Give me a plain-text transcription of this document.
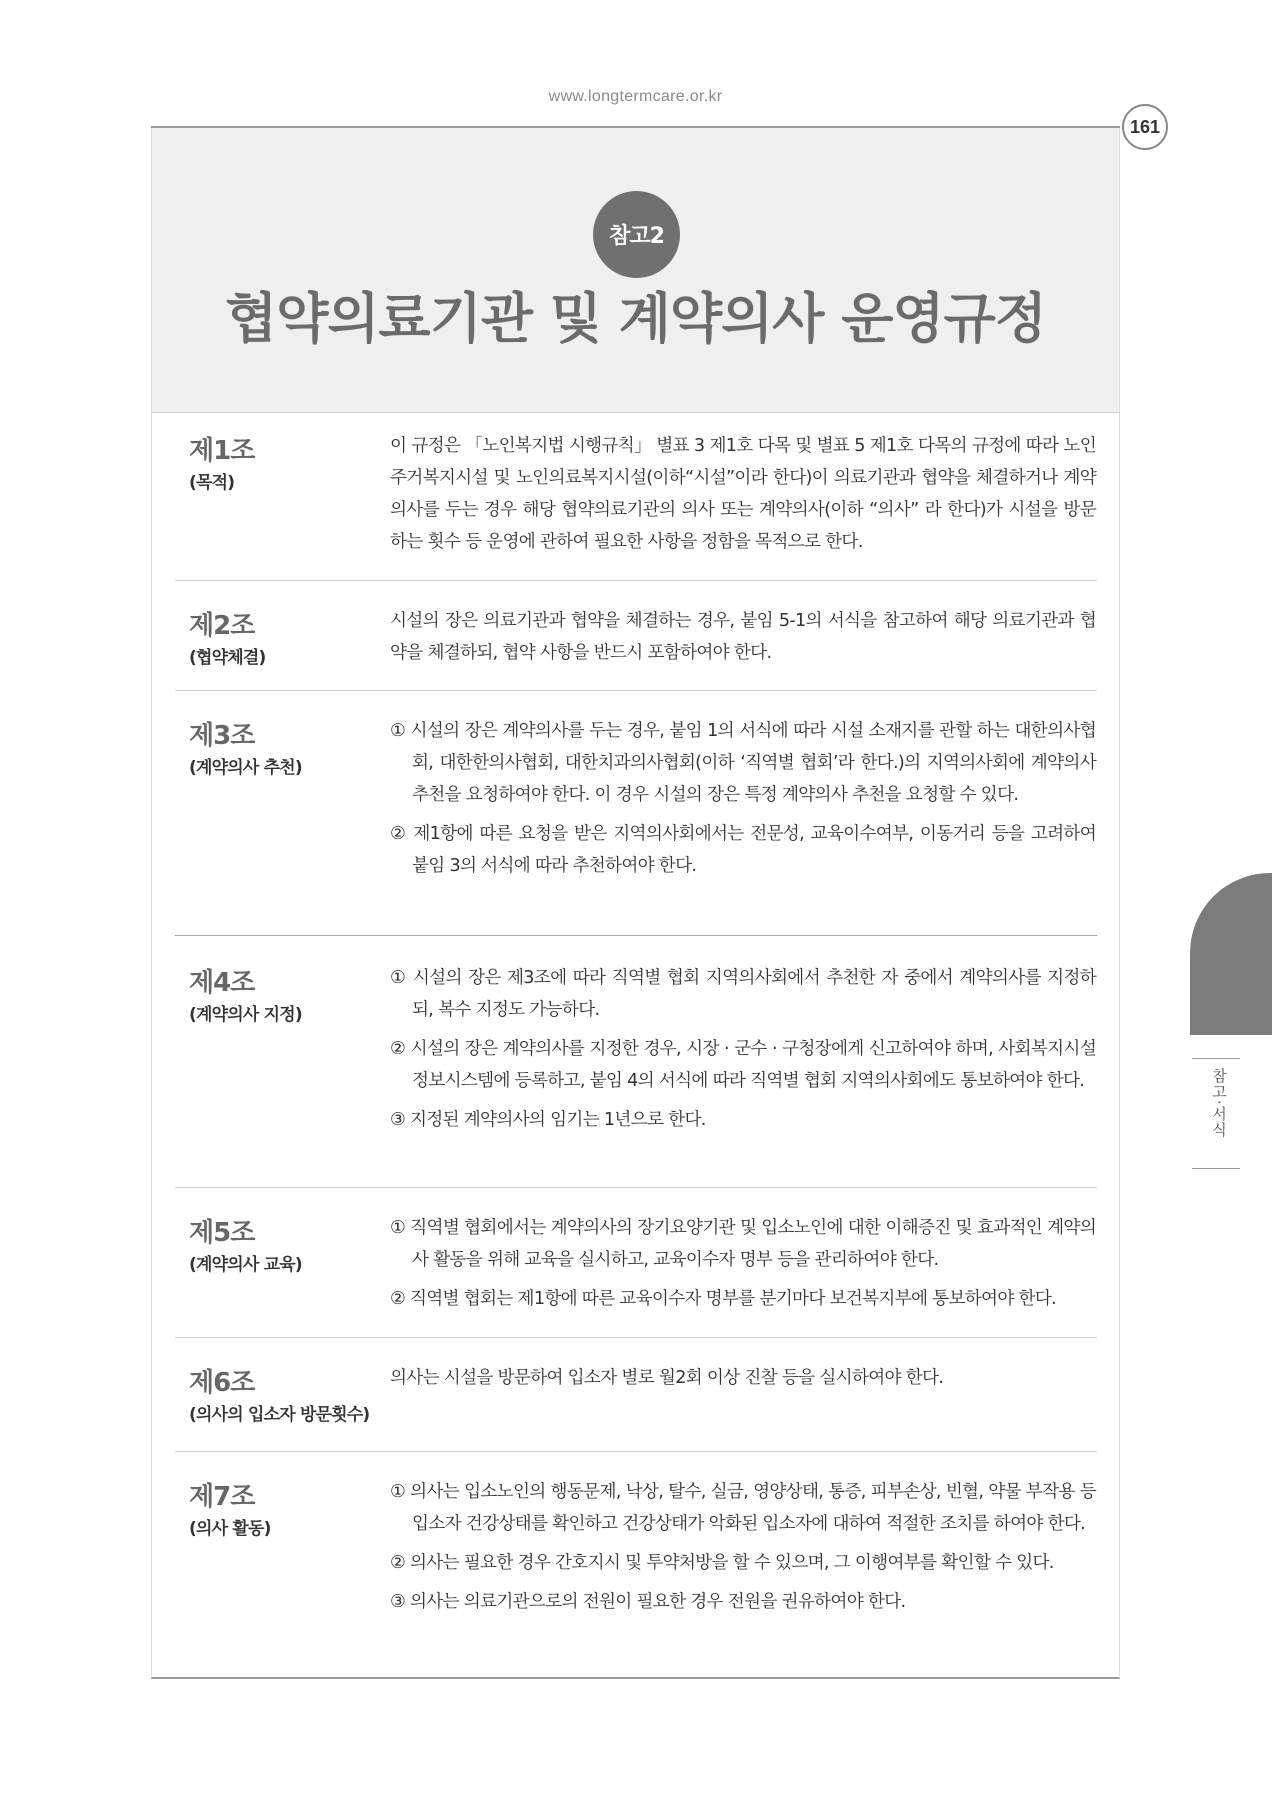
www.longtermcare.or.kr
161
참고2
협약의료기관 및 계약의사 운영규정
제1조
(목적)

이 규정은 「노인복지법 시행규칙」 별표 3 제1호 다목 및 별표 5 제1호 다목의 규정에 따라 노인주거복지시설 및 노인의료복지시설(이하“시설”이라 한다)이 의료기관과 협약을 체결하거나 계약의사를 두는 경우 해당 협약의료기관의 의사 또는 계약의사(이하 “의사” 라 한다)가 시설을 방문하는 횟수 등 운영에 관하여 필요한 사항을 정함을 목적으로 한다.

제2조
(협약체결)

시설의 장은 의료기관과 협약을 체결하는 경우, 붙임 5-1의 서식을 참고하여 해당 의료기관과 협약을 체결하되, 협약 사항을 반드시 포함하여야 한다.

제3조
(계약의사 추천)

① 시설의 장은 계약의사를 두는 경우, 붙임 1의 서식에 따라 시설 소재지를 관할 하는 대한의사협회, 대한한의사협회, 대한치과의사협회(이하 ‘직역별 협회’라 한다.)의 지역의사회에 계약의사추천을 요청하여야 한다. 이 경우 시설의 장은 특정 계약의사 추천을 요청할 수 있다.

② 제1항에 따른 요청을 받은 지역의사회에서는 전문성, 교육이수여부, 이동거리 등을 고려하여 붙임 3의 서식에 따라 추천하여야 한다.

제4조
(계약의사 지정)

① 시설의 장은 제3조에 따라 직역별 협회 지역의사회에서 추천한 자 중에서 계약의사를 지정하되, 복수 지정도 가능하다.

② 시설의 장은 계약의사를 지정한 경우, 시장 · 군수 · 구청장에게 신고하여야 하며, 사회복지시설정보시스템에 등록하고, 붙임 4의 서식에 따라 직역별 협회 지역의사회에도 통보하여야 한다.

③ 지정된 계약의사의 임기는 1년으로 한다.

제5조
(계약의사 교육)

① 직역별 협회에서는 계약의사의 장기요양기관 및 입소노인에 대한 이해증진 및 효과적인 계약의사 활동을 위해 교육을 실시하고, 교육이수자 명부 등을 관리하여야 한다.

② 직역별 협회는 제1항에 따른 교육이수자 명부를 분기마다 보건복지부에 통보하여야 한다.

제6조
(의사의 입소자 방문횟수)

의사는 시설을 방문하여 입소자 별로 월2회 이상 진찰 등을 실시하여야 한다.

제7조
(의사 활동)

① 의사는 입소노인의 행동문제, 낙상, 탈수, 실금, 영양상태, 통증, 피부손상, 빈혈, 약물 부작용 등 입소자 건강상태를 확인하고 건강상태가 악화된 입소자에 대하여 적절한 조치를 하여야 한다.

② 의사는 필요한 경우 간호지시 및 투약처방을 할 수 있으며, 그 이행여부를 확인할 수 있다.

③ 의사는 의료기관으로의 전원이 필요한 경우 전원을 권유하여야 한다.

참고·서식
